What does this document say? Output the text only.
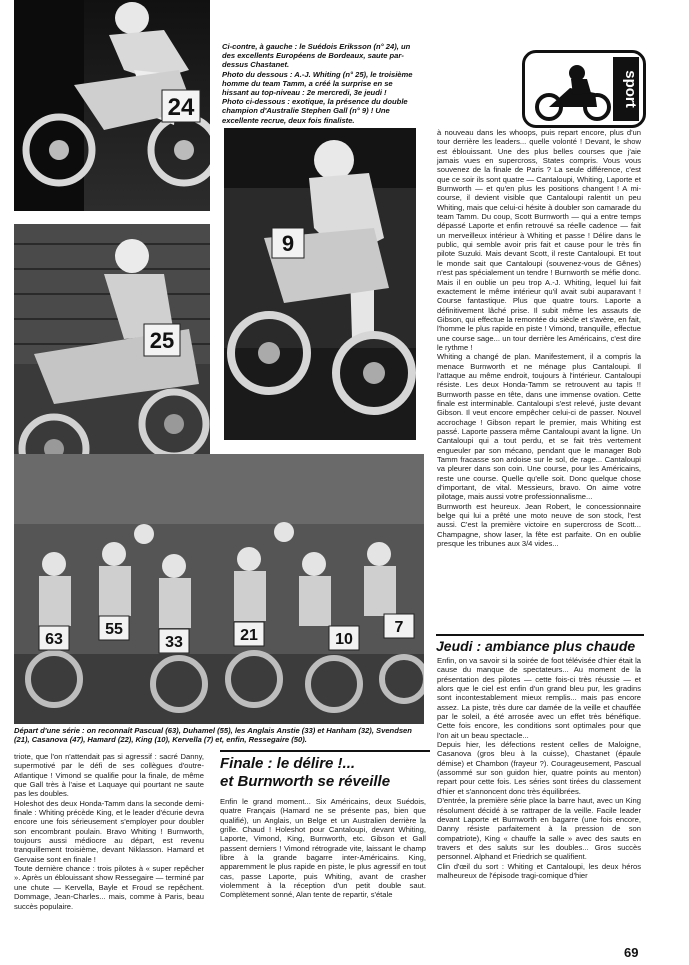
24
9
25
63
55
33	21	10
7
Ci-contre, à gauche : le Suédois Eriksson (n° 24), un des excellents Européens de Bordeaux, saute par-dessus Chastanet.
Photo du dessous : A.-J. Whiting (n° 25), le troisième homme du team Tamm, a créé la surprise en se hissant au top-niveau : 2e mercredi, 3e jeudi !
Photo ci-dessous : exotique, la présence du double champion d'Australie Stephen Gall (n° 9) ! Une excellente recrue, deux fois finaliste.
Départ d'une série : on reconnaît Pascual (63), Duhamel (55), les Anglais Anstie (33) et Hanham (32), Svendsen (21), Casanova (47), Hamard (22), King (10), Kervella (7) et, enfin, Ressegaire (50).
sport

à nouveau dans les whoops, puis repart encore, plus d'un tour derrière les leaders... quelle volonté ! Devant, le show est éblouissant. Une des plus belles courses que j'aie jamais vues en supercross, States compris. Vous vous souvenez de la finale de Paris ? La seule différence, c'est que ce soir ils sont quatre — Cantaloupi, Whiting, Laporte et Burnworth — et qu'en plus les positions changent ! A mi-course, il devient visible que Cantaloupi ralentit un peu Whiting, mais que celui-ci hésite à doubler son camarade du team Tamm. Du coup, Scott Burnworth — qui a entre temps dépassé Laporte et enfin retrouvé sa réelle cadence — fait un merveilleux intérieur à Whiting et passe ! Délire dans le public, qui semble avoir pris fait et cause pour le très fin pilote Suzuki. Mais devant Scott, il reste Cantaloupi. Et tout le monde sait que Cantaloupi (souvenez-vous de Gênes) n'est pas spécialement un tendre ! Burnworth se méfie donc. Mais il en oublie un peu trop A.-J. Whiting, lequel lui fait exactement le même intérieur qu'il avait subi auparavant ! Course fantastique. Plus que quatre tours. Laporte a définitivement lâché prise. Il subit même les assauts de Gibson, qui effectue la remontée du siècle et s'avère, en fait, l'homme le plus rapide en piste ! Vimond, tranquille, effectue une course sage... un tour derrière les Américains, c'est dire le rythme !
Whiting a changé de plan. Manifestement, il a compris la menace Burnworth et ne ménage plus Cantaloupi. Il l'attaque au même endroit, toujours à l'intérieur. Cantaloupi résiste. Les deux Honda-Tamm se retrouvent au tapis !! Burnworth passe en tête, dans une immense ovation. Cette finale est interminable. Cantaloupi s'est relevé, juste devant Gibson. Il veut encore empêcher celui-ci de passer. Nouvel accrochage ! Gibson repart le premier, mais Whiting est passé. Laporte passera même Cantaloupi avant la ligne. Un Cantaloupi qui a tout perdu, et se fait très vertement engueuler par son mécano, pendant que le manager Bob Tamm fracasse son ardoise sur le sol, de rage... Cantaloupi va pleurer dans son coin. Une course, pour les Américains, reste une course. Quelle qu'elle soit. Donc quelque chose d'important, de vital. Messieurs, bravo. On aime votre pilotage, mais aussi votre professionnalisme...
Burnworth est heureux. Jean Robert, le concessionnaire belge qui lui a prêté une moto neuve de son stock, l'est aussi. C'est la première victoire en supercross de Scott... Champagne, show laser, la fête est parfaite. On en oublie presque les tribunes aux 3/4 vides...

Jeudi : ambiance plus chaude

Enfin, on va savoir si la soirée de foot télévisée d'hier était la cause du manque de spectateurs... Au moment de la présentation des pilotes — cette fois-ci très réussie — et alors que le ciel est enfin d'un grand bleu pur, les gradins sont incontestablement mieux remplis... mais pas encore assez. La piste, très dure car damée de la veille et chauffée par le soleil, a été arrosée avec un effet très bénéfique. Cette fois encore, les conditions sont optimales pour que l'on ait un beau spectacle...
Depuis hier, les défections restent celles de Maloigne, Casanova (gros bleu à la cuisse), Chastanet (épaule démise) et Chambon (frayeur ?). Courageusement, Pascual (assommé sur son guidon hier, quatre points au menton) repart pour cette fois. Les séries sont tirées du classement d'hier et s'annoncent donc très équilibrées.
D'entrée, la première série place la barre haut, avec un King résolument décidé à se rattraper de la veille. Facile leader devant Laporte et Burnworth en bagarre (une fois encore, Danny résiste parfaitement à la pression de son compatriote), King « chauffe la salle » avec des sauts en travers et des saluts sur les doubles... Gros succès personnel. Alphand et Friedrich se qualifient.
Clin d'œil du sort : Whiting et Cantaloupi, les deux héros malheureux de l'épisode tragi-comique d'hier

triote, que l'on n'attendait pas si agressif : sacré Danny, supermotivé par le défi de ses collègues d'outre-Atlantique ! Vimond se qualifie pour la finale, de même que Gall très à l'aise et Laquaye qui pourtant ne saute pas les doubles.
Holeshot des deux Honda-Tamm dans la seconde demi-finale : Whiting précède King, et le leader d'écurie devra encore une fois sérieusement s'employer pour doubler son encombrant poulain. Bravo Whiting ! Burnworth, toujours aussi médiocre au départ, est revenu tranquillement troisième, devant Niklasson. Hamard et Gervaise sont en finale !
Toute dernière chance : trois pilotes à « super repêcher ». Après un éblouissant show Ressegaire — terminé par une chute — Kervella, Bayle et Froud se repêchent. Dommage, Jean-Charles... mais, comme à Paris, beau succès populaire.

Finale : le délire !...
et Burnworth se réveille

Enfin le grand moment... Six Américains, deux Suédois, quatre Français (Hamard ne se présente pas, bien que qualifié), un Anglais, un Belge et un Australien derrière la grille. Chaud ! Holeshot pour Cantaloupi, devant Whiting, Laporte, Vimond, King, Burnworth, etc. Gibson et Gall passent derniers ! Vimond rétrograde vite, laissant le champ libre à la grande bagarre inter-Américains. King, apparemment le plus rapide en piste, le plus agressif en tout cas, passe Laporte, puis Whiting, avant de crasher violemment à la réception d'un petit double saut. Complètement sonné, Alan tente de repartir, s'étale

69
